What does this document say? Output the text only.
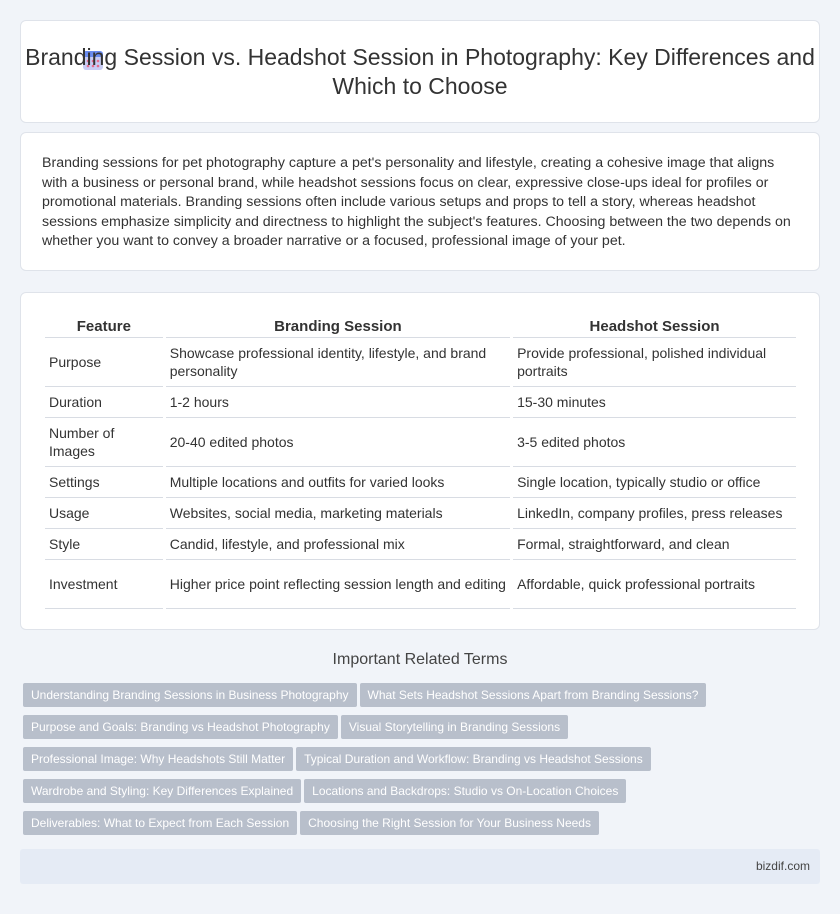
Branding Session vs. Headshot Session in Photography: Key Differences and Which to Choose

Branding sessions for pet photography capture a pet's personality and lifestyle, creating a cohesive image that aligns with a business or personal brand, while headshot sessions focus on clear, expressive close-ups ideal for profiles or promotional materials. Branding sessions often include various setups and props to tell a story, whereas headshot sessions emphasize simplicity and directness to highlight the subject's features. Choosing between the two depends on whether you want to convey a broader narrative or a focused, professional image of your pet.

Feature	Branding Session	Headshot Session
Purpose	Showcase professional identity, lifestyle, and brand personality	Provide professional, polished individual portraits
Duration	1-2 hours	15-30 minutes
Number of Images	20-40 edited photos	3-5 edited photos
Settings	Multiple locations and outfits for varied looks	Single location, typically studio or office
Usage	Websites, social media, marketing materials	LinkedIn, company profiles, press releases
Style	Candid, lifestyle, and professional mix	Formal, straightforward, and clean
Investment	Higher price point reflecting session length and editing	Affordable, quick professional portraits
Important Related Terms
Understanding Branding Sessions in Business Photography What Sets Headshot Sessions Apart from Branding Sessions?
Purpose and Goals: Branding vs Headshot Photography Visual Storytelling in Branding Sessions
Professional Image: Why Headshots Still Matter Typical Duration and Workflow: Branding vs Headshot Sessions
Wardrobe and Styling: Key Differences Explained Locations and Backdrops: Studio vs On-Location Choices
Deliverables: What to Expect from Each Session Choosing the Right Session for Your Business Needs
bizdif.com
